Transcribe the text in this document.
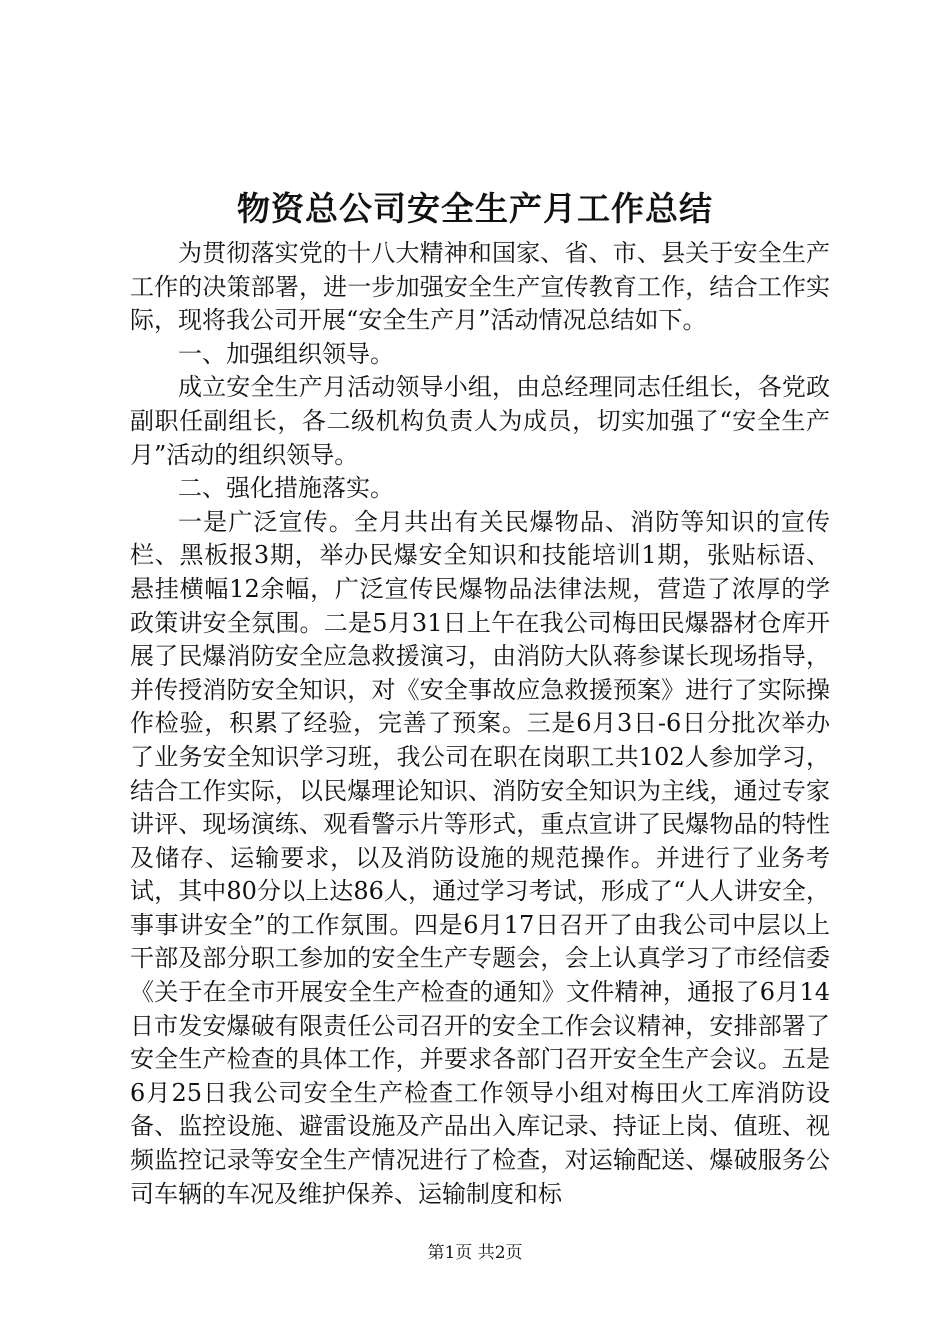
物资总公司安全生产月工作总结

为贯彻落实党的十八大精神和国家、省、市、县关于安全生产工作的决策部署，进一步加强安全生产宣传教育工作，结合工作实际，现将我公司开展“安全生产月”活动情况总结如下。

一、加强组织领导。

成立安全生产月活动领导小组，由总经理同志任组长，各党政副职任副组长，各二级机构负责人为成员，切实加强了“安全生产月”活动的组织领导。

二、强化措施落实。

一是广泛宣传。全月共出有关民爆物品、消防等知识的宣传栏、黑板报3期，举办民爆安全知识和技能培训1期，张贴标语、悬挂横幅12余幅，广泛宣传民爆物品法律法规，营造了浓厚的学政策讲安全氛围。二是5月31日上午在我公司梅田民爆器材仓库开展了民爆消防安全应急救援演习，由消防大队蒋参谋长现场指导，并传授消防安全知识，对《安全事故应急救援预案》进行了实际操作检验，积累了经验，完善了预案。三是6月3日-6日分批次举办了业务安全知识学习班，我公司在职在岗职工共102人参加学习，结合工作实际，以民爆理论知识、消防安全知识为主线，通过专家讲评、现场演练、观看警示片等形式，重点宣讲了民爆物品的特性及储存、运输要求，以及消防设施的规范操作。并进行了业务考试，其中80分以上达86人，通过学习考试，形成了“人人讲安全，事事讲安全”的工作氛围。四是6月17日召开了由我公司中层以上干部及部分职工参加的安全生产专题会，会上认真学习了市经信委《关于在全市开展安全生产检查的通知》文件精神，通报了6月14日市发安爆破有限责任公司召开的安全工作会议精神，安排部署了安全生产检查的具体工作，并要求各部门召开安全生产会议。五是6月25日我公司安全生产检查工作领导小组对梅田火工库消防设备、监控设施、避雷设施及产品出入库记录、持证上岗、值班、视频监控记录等安全生产情况进行了检查，对运输配送、爆破服务公司车辆的车况及维护保养、运输制度和标

第1页 共2页
